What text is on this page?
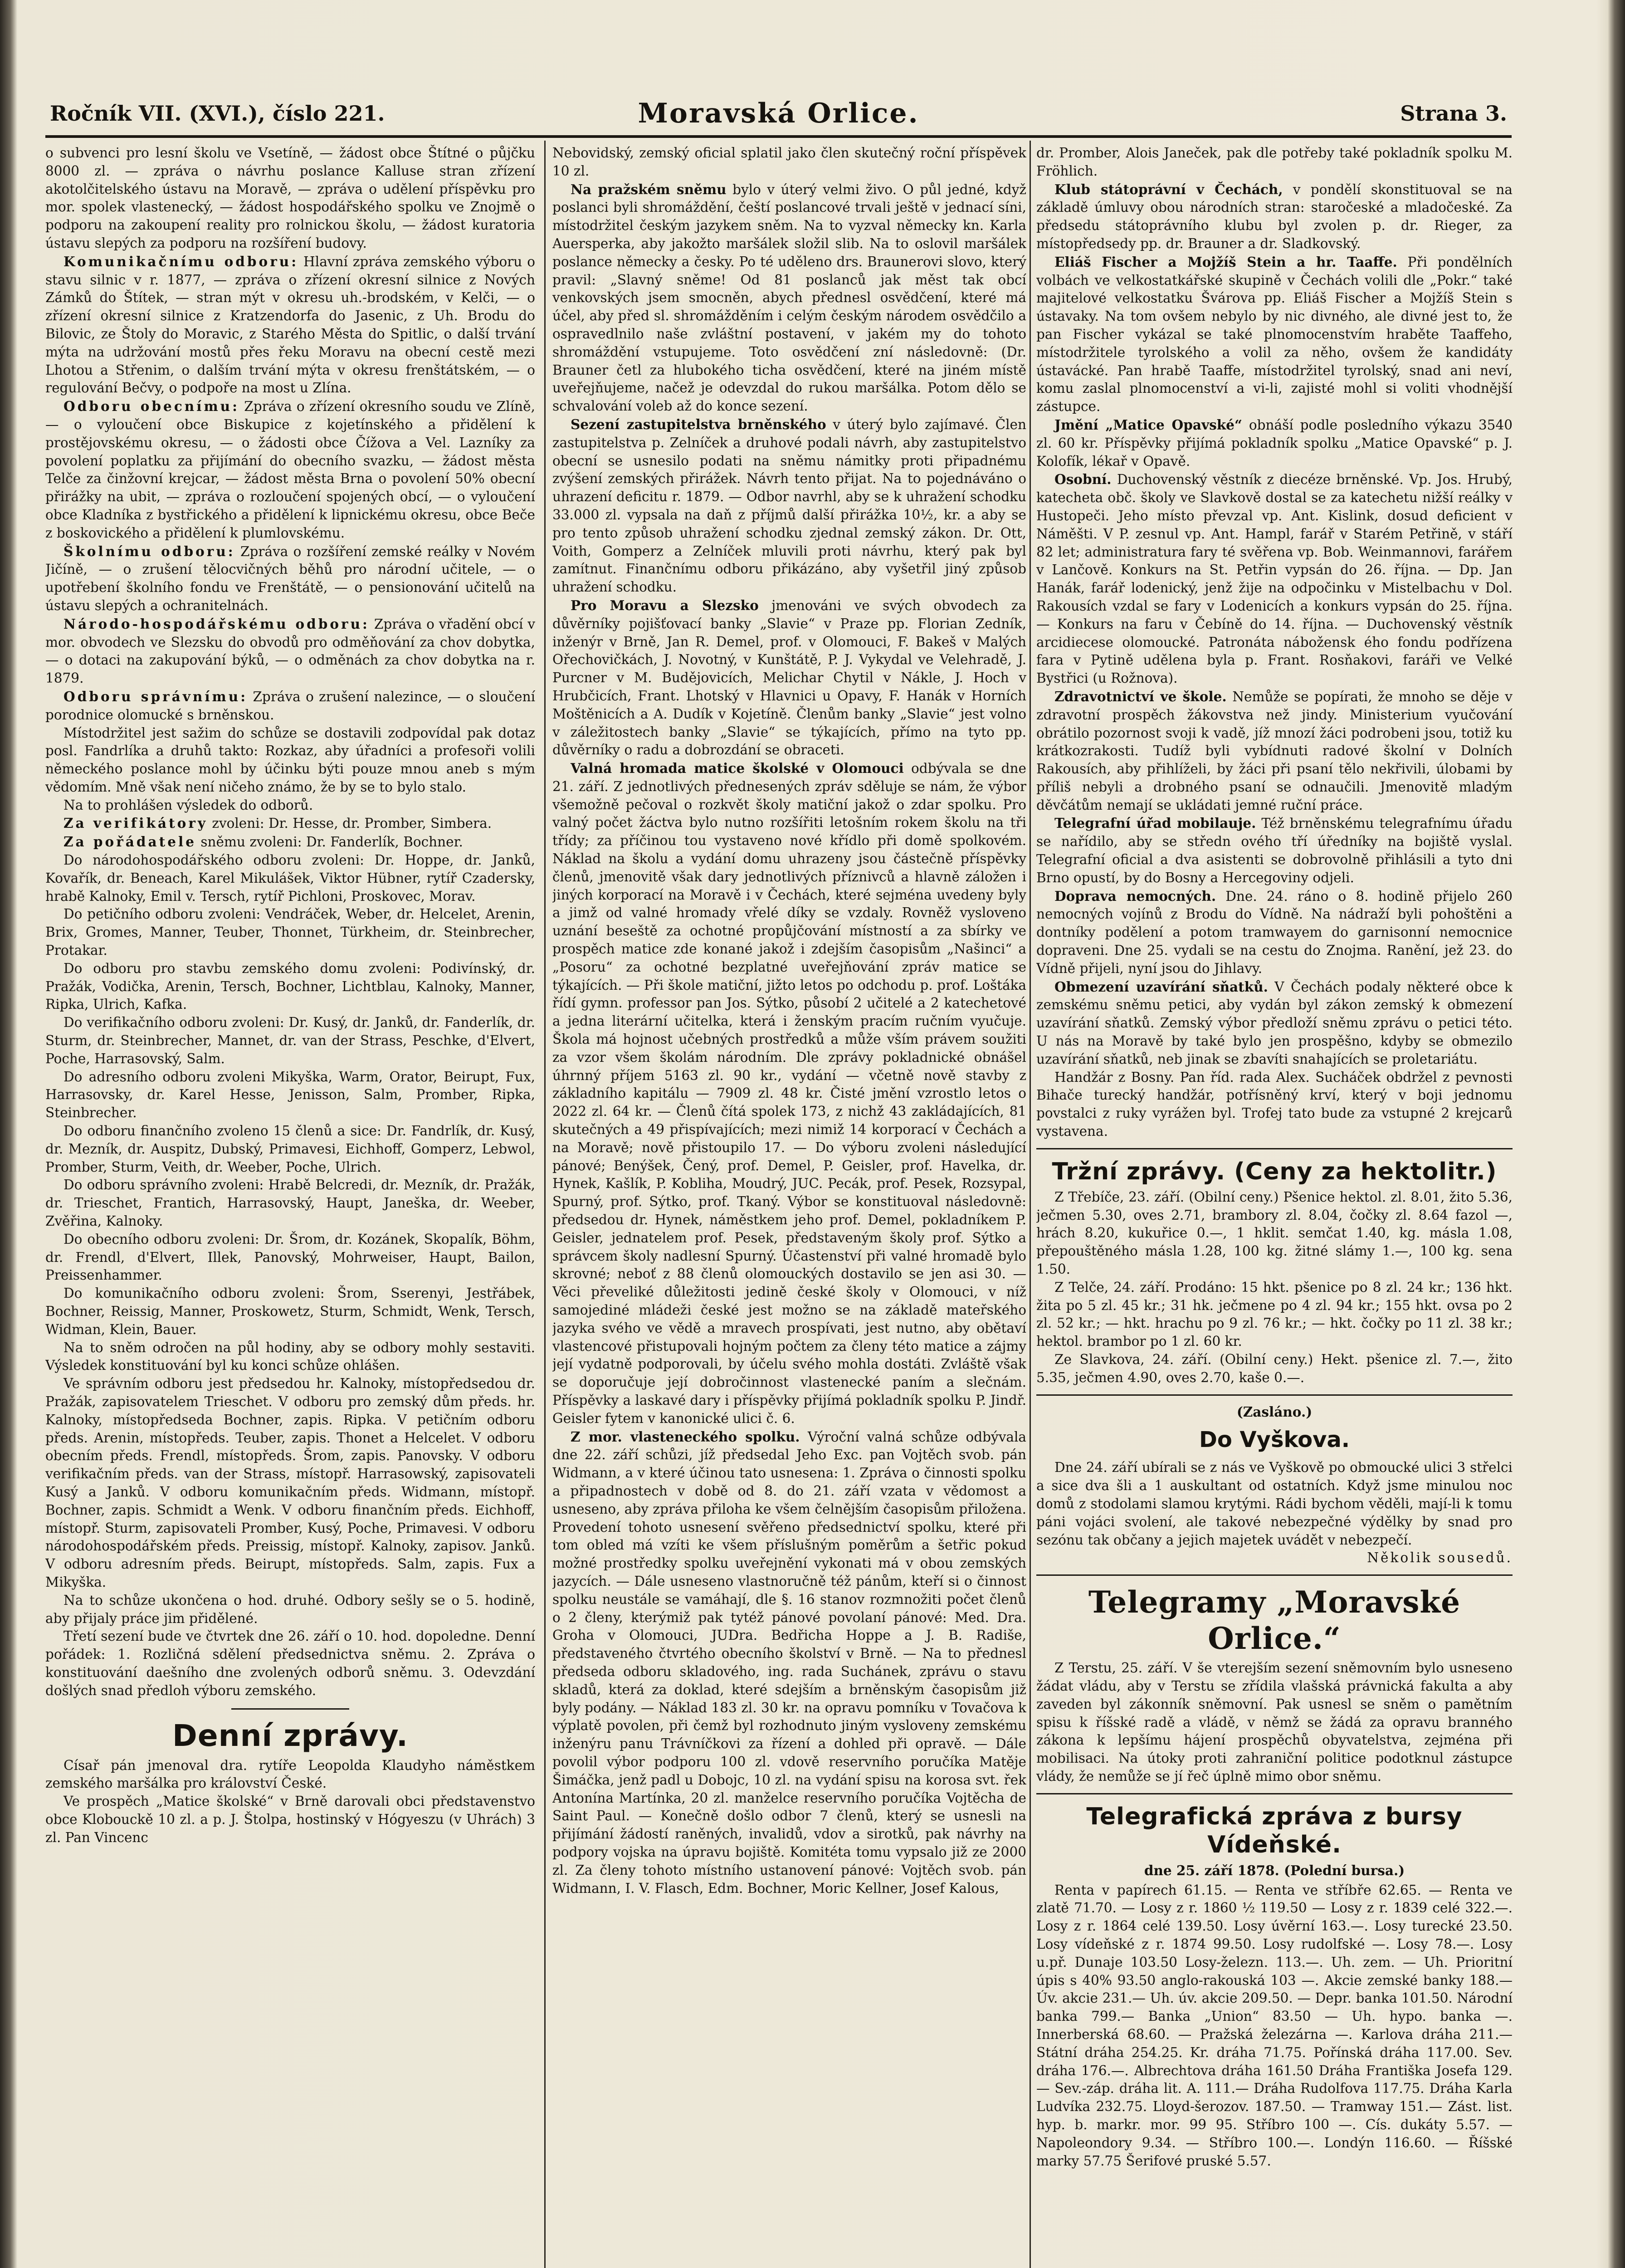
Ročník VII. (XVI.), číslo 221.	Moravská Orlice.	Strana 3.

o subvenci pro lesní školu ve Vsetíně, — žádost obce Štítné o půjčku 8000 zl. — zpráva o návrhu poslance Kalluse stran zřízení akotolčitelského ústavu na Moravě, — zpráva o udělení příspěvku pro mor. spolek vlastenecký, — žádost hospodářského spolku ve Znojmě o podporu na zakoupení reality pro rolnickou školu, — žádost kuratoria ústavu slepých za podporu na rozšíření budovy.

Komunikačnímu odboru: Hlavní zpráva zemského výboru o stavu silnic v r. 1877, — zpráva o zřízení okresní silnice z Nových Zámků do Štítek, — stran mýt v okresu uh.-brodském, v Kelči, — o zřízení okresní silnice z Kratzendorfa do Jasenic, z Uh. Brodu do Bilovic, ze Štoly do Moravic, z Starého Města do Spitlic, o další trvání mýta na udržování mostů přes řeku Moravu na obecní cestě mezi Lhotou a Střenim, o dalším trvání mýta v okresu frenštátském, — o regulování Bečvy, o podpoře na most u Zlína.

Odboru obecnímu: Zpráva o zřízení okresního soudu ve Zlíně, — o vyloučení obce Biskupice z kojetínského a přidělení k prostějovskému okresu, — o žádosti obce Čížova a Vel. Lazníky za povolení poplatku za přijímání do obecního svazku, — žádost města Telče za činžovní krejcar, — žádost města Brna o povolení 50% obecní přirážky na ubit, — zpráva o rozloučení spojených obcí, — o vyloučení obce Kladníka z bystřického a přidělení k lipnickému okresu, obce Beče z boskovického a přidělení k plumlovskému.

Školnímu odboru: Zpráva o rozšíření zemské reálky v Novém Jičíně, — o zrušení tělocvičných běhů pro národní učitele, — o upotřebení školního fondu ve Frenštátě, — o pensionování učitelů na ústavu slepých a ochranitelnách.

Národo-hospodářskému odboru: Zpráva o vřadění obcí v mor. obvodech ve Slezsku do obvodů pro odměňování za chov dobytka, — o dotaci na zakupování býků, — o odměnách za chov dobytka na r. 1879.

Odboru správnímu: Zpráva o zrušení nalezince, — o sloučení porodnice olomucké s brněnskou.

Místodržitel jest sažim do schůze se dostavili zodpovídal pak dotaz posl. Fandrlíka a druhů takto: Rozkaz, aby úřadníci a profesoři volili německého poslance mohl by účinku býti pouze mnou aneb s mým vědomím. Mně však není ničeho známo, že by se to bylo stalo.

Na to prohlášen výsledek do odborů.

Za verifikátory zvoleni: Dr. Hesse, dr. Promber, Simbera.

Za pořádatele sněmu zvoleni: Dr. Fanderlík, Bochner.

Do národohospodářského odboru zvoleni: Dr. Hoppe, dr. Janků, Kovařík, dr. Beneach, Karel Mikulášek, Viktor Hübner, rytíř Czadersky, hrabě Kalnoky, Emil v. Tersch, rytíř Pichloni, Proskovec, Morav.

Do petičního odboru zvoleni: Vendráček, Weber, dr. Helcelet, Arenin, Brix, Gromes, Manner, Teuber, Thonnet, Türkheim, dr. Steinbrecher, Protakar.

Do odboru pro stavbu zemského domu zvoleni: Podivínský, dr. Pražák, Vodička, Arenin, Tersch, Bochner, Lichtblau, Kalnoky, Manner, Ripka, Ulrich, Kafka.

Do verifikačního odboru zvoleni: Dr. Kusý, dr. Janků, dr. Fanderlík, dr. Sturm, dr. Steinbrecher, Mannet, dr. van der Strass, Peschke, d'Elvert, Poche, Harrasovský, Salm.

Do adresního odboru zvoleni Mikyška, Warm, Orator, Beirupt, Fux, Harrasovsky, dr. Karel Hesse, Jenisson, Salm, Promber, Ripka, Steinbrecher.

Do odboru finančního zvoleno 15 členů a sice: Dr. Fandrlík, dr. Kusý, dr. Mezník, dr. Auspitz, Dubský, Primavesi, Eichhoff, Gomperz, Lebwol, Promber, Sturm, Veith, dr. Weeber, Poche, Ulrich.

Do odboru správního zvoleni: Hrabě Belcredi, dr. Mezník, dr. Pražák, dr. Trieschet, Frantich, Harrasovský, Haupt, Janeška, dr. Weeber, Zvěřina, Kalnoky.

Do obecního odboru zvoleni: Dr. Šrom, dr. Kozánek, Skopalík, Böhm, dr. Frendl, d'Elvert, Illek, Panovský, Mohrweiser, Haupt, Bailon, Preissenhammer.

Do komunikačního odboru zvoleni: Šrom, Sserenyi, Jestřábek, Bochner, Reissig, Manner, Proskowetz, Sturm, Schmidt, Wenk, Tersch, Widman, Klein, Bauer.

Na to sněm odročen na půl hodiny, aby se odbory mohly sestaviti. Výsledek konstituování byl ku konci schůze ohlášen.

Ve správním odboru jest předsedou hr. Kalnoky, místopředsedou dr. Pražák, zapisovatelem Trieschet. V odboru pro zemský dům předs. hr. Kalnoky, místopředseda Bochner, zapis. Ripka. V petičním odboru předs. Arenin, místopředs. Teuber, zapis. Thonet a Helcelet. V odboru obecním předs. Frendl, místopředs. Šrom, zapis. Panovsky. V odboru verifikačním předs. van der Strass, místopř. Harrasowský, zapisovateli Kusý a Janků. V odboru komunikačním předs. Widmann, místopř. Bochner, zapis. Schmidt a Wenk. V odboru finančním předs. Eichhoff, místopř. Sturm, zapisovateli Promber, Kusý, Poche, Primavesi. V odboru národohospodářském předs. Preissig, místopř. Kalnoky, zapisov. Janků. V odboru adresním předs. Beirupt, místopředs. Salm, zapis. Fux a Mikyška.

Na to schůze ukončena o hod. druhé. Odbory sešly se o 5. hodině, aby přijaly práce jim přidělené.

Třetí sezení bude ve čtvrtek dne 26. září o 10. hod. dopoledne. Denní pořádek: 1. Rozličná sdělení předsednictva sněmu. 2. Zpráva o konstituování daešního dne zvolených odborů sněmu. 3. Odevzdání došlých snad předloh výboru zemského.

Denní zprávy.

Císař pán jmenoval dra. rytíře Leopolda Klaudyho náměstkem zemského maršálka pro království České.

Ve prospěch „Matice školské“ v Brně darovali obci představenstvo obce Klobouckě 10 zl. a p. J. Štolpa, hostinský v Hógyeszu (v Uhrách) 3 zl. Pan Vincenc

Nebovidský, zemský oficial splatil jako člen skutečný roční příspěvek 10 zl.

Na pražském sněmu bylo v úterý velmi živo. O půl jedné, když poslanci byli shromáždění, čeští poslancové trvali ještě v jednací síni, místodržitel českým jazykem sněm. Na to vyzval německy kn. Karla Auersperka, aby jakožto maršálek složil slib. Na to oslovil maršálek poslance německy a česky. Po té uděleno drs. Braunerovi slovo, který pravil: „Slavný sněme! Od 81 poslanců jak měst tak obcí venkovských jsem smocněn, abych přednesl osvědčení, které má účel, aby před sl. shromážděním i celým českým národem osvědčilo a ospravedlnilo naše zvláštní postavení, v jakém my do tohoto shromáždění vstupujeme. Toto osvědčení zní následovně: (Dr. Brauner četl za hlubokého ticha osvědčení, které na jiném místě uveřejňujeme, načež je odevzdal do rukou maršálka. Potom dělo se schvalování voleb až do konce sezení.

Sezení zastupitelstva brněnského v úterý bylo zajímavé. Člen zastupitelstva p. Zelníček a druhové podali návrh, aby zastupitelstvo obecní se usnesilo podati na sněmu námitky proti připadnému zvýšení zemských přirážek. Návrh tento přijat. Na to pojednáváno o uhrazení deficitu r. 1879. — Odbor navrhl, aby se k uhražení schodku 33.000 zl. vypsala na daň z příjmů další přirážka 10½, kr. a aby se pro tento způsob uhražení schodku zjednal zemský zákon. Dr. Ott, Voith, Gomperz a Zelníček mluvili proti návrhu, který pak byl zamítnut. Finančnímu odboru přikázáno, aby vyšetřil jiný způsob uhražení schodku.

Pro Moravu a Slezsko jmenováni ve svých obvodech za důvěrníky pojišťovací banky „Slavie“ v Praze pp. Florian Zedník, inženýr v Brně, Jan R. Demel, prof. v Olomouci, F. Bakeš v Malých Ořechovičkách, J. Novotný, v Kunštátě, P. J. Vykydal ve Velehradě, J. Purcner v M. Budějovicích, Melichar Chytil v Nákle, J. Hoch v Hrubčicích, Frant. Lhotský v Hlavnici u Opavy, F. Hanák v Horních Moštěnicích a A. Dudík v Kojetíně. Členům banky „Slavie“ jest volno v záležitostech banky „Slavie“ se týkajících, přímo na tyto pp. důvěrníky o radu a dobrozdání se obraceti.

Valná hromada matice školské v Olomouci odbývala se dne 21. září. Z jednotlivých přednesených zpráv sděluje se nám, že výbor všemožně pečoval o rozkvět školy matiční jakož o zdar spolku. Pro valný počet žáctva bylo nutno rozšířiti letošním rokem školu na tři třídy; za příčinou tou vystaveno nové křídlo při domě spolkovém. Náklad na školu a vydání domu uhrazeny jsou částečně příspěvky členů, jmenovitě však dary jednotlivých příznivců a hlavně záložen i jiných korporací na Moravě i v Čechách, které sejména uvedeny byly a jimž od valné hromady vřelé díky se vzdaly. Rovněž vysloveno uznání beseště za ochotné propůjčování místností a za sbírky ve prospěch matice zde konané jakož i zdejším časopisům „Našinci“ a „Posoru“ za ochotné bezplatné uveřejňování zpráv matice se týkajících. — Při škole matiční, jižto letos po odchodu p. prof. Loštáka řídí gymn. professor pan Jos. Sýtko, působí 2 učitelé a 2 katechetové a jedna literární učitelka, která i ženským pracím ručním vyučuje. Škola má hojnost učebných prostředků a může vším právem soužiti za vzor všem školám národním. Dle zprávy pokladnické obnášel úhrnný příjem 5163 zl. 90 kr., vydání — včetně nově stavby z základního kapitálu — 7909 zl. 48 kr. Čisté jmění vzrostlo letos o 2022 zl. 64 kr. — Členů čítá spolek 173, z nichž 43 zakládajících, 81 skutečných a 49 přispívajících; mezi nimiž 14 korporací v Čechách a na Moravě; nově přistoupilo 17. — Do výboru zvoleni následující pánové; Benýšek, Čený, prof. Demel, P. Geisler, prof. Havelka, dr. Hynek, Kašlík, P. Kobliha, Moudrý, JUC. Pecák, prof. Pesek, Rozsypal, Spurný, prof. Sýtko, prof. Tkaný. Výbor se konstituoval následovně: předsedou dr. Hynek, náměstkem jeho prof. Demel, pokladníkem P. Geisler, jednatelem prof. Pesek, představeným školy prof. Sýtko a správcem školy nadlesní Spurný. Účastenství při valné hromadě bylo skrovné; neboť z 88 členů olomouckých dostavilo se jen asi 30. — Věci převeliké důležitosti jedině české školy v Olomouci, v níž samojediné mládeži české jest možno se na základě mateřského jazyka svého ve vědě a mravech prospívati, jest nutno, aby obětaví vlastencové přistupovali hojným počtem za členy této matice a zájmy její vydatně podporovali, by účelu svého mohla dostáti. Zvláště však se doporučuje její dobročinnost vlastenecké paním a slečnám. Příspěvky a laskavé dary i příspěvky přijímá pokladník spolku P. Jindř. Geisler fytem v kanonické ulici č. 6.

Z mor. vlasteneckého spolku. Výroční valná schůze odbývala dne 22. září schůzi, jíž předsedal Jeho Exc. pan Vojtěch svob. pán Widmann, a v které účinou tato usnesena: 1. Zpráva o činnosti spolku a připadnostech v době od 8. do 21. září vzata v vědomost a usneseno, aby zpráva přiloha ke všem čelnějším časopisům přiložena. Provedení tohoto usnesení svěřeno předsednictví spolku, které při tom obled má vzíti ke všem příslušným poměrům a šetřic pokud možné prostředky spolku uveřejnění vykonati má v obou zemských jazycích. — Dále usneseno vlastnoručně též pánům, kteří si o činnost spolku neustále se vamáhají, dle §. 16 stanov rozmnožiti počet členů o 2 členy, kterýmiž pak tytéž pánové povolaní pánové: Med. Dra. Groha v Olomouci, JUDra. Bedřicha Hoppe a J. B. Radiše, představeného čtvrtého obecního školství v Brně. — Na to přednesl předseda odboru skladového, ing. rada Suchánek, zprávu o stavu skladů, která za doklad, které sdejším a brněnským časopisům již byly podány. — Náklad 183 zl. 30 kr. na opravu pomníku v Tovačova k výplatě povolen, při čemž byl rozhodnuto jiným vysloveny zemskému inženýru panu Trávníčkovi za řízení a dohled při opravě. — Dále povolil výbor podporu 100 zl. vdově reservního poručíka Matěje Šimáčka, jenž padl u Dobojc, 10 zl. na vydání spisu na korosa svt. řek Antonína Martínka, 20 zl. manželce reservního poručíka Vojtěcha de Saint Paul. — Konečně došlo odbor 7 členů, který se usnesli na přijímání žádostí raněných, invalidů, vdov a sirotků, pak návrhy na podpory vojska na úpravu bojiště. Komitéta tomu vypsalo již ze 2000 zl. Za členy tohoto místního ustanovení pánové: Vojtěch svob. pán Widmann, I. V. Flasch, Edm. Bochner, Moric Kellner, Josef Kalous,

dr. Promber, Alois Janeček, pak dle potřeby také pokladník spolku M. Fröhlich.

Klub státoprávní v Čechách, v pondělí skonstituoval se na základě úmluvy obou národních stran: staročeské a mladočeské. Za předsedu státoprávního klubu byl zvolen p. dr. Rieger, za místopředsedy pp. dr. Brauner a dr. Sladkovský.

Eliáš Fischer a Mojžíš Stein a hr. Taaffe. Při pondělních volbách ve velkostatkářské skupině v Čechách volili dle „Pokr.“ také majitelové velkostatku Švárova pp. Eliáš Fischer a Mojžíš Stein s ústavaky. Na tom ovšem nebylo by nic divného, ale divné jest to, že pan Fischer vykázal se také plnomocenstvím hraběte Taaffeho, místodržitele tyrolského a volil za něho, ovšem že kandidáty ústavácké. Pan hrabě Taaffe, místodržitel tyrolský, snad ani neví, komu zaslal plnomocenství a vi-li, zajisté mohl si voliti vhodnější zástupce.

Jmění „Matice Opavské“ obnáší podle posledního výkazu 3540 zl. 60 kr. Příspěvky přijímá pokladník spolku „Matice Opavské“ p. J. Kolofík, lékař v Opavě.

Osobní. Duchovenský věstník z diecéze brněnské. Vp. Jos. Hrubý, katecheta obč. školy ve Slavkově dostal se za katechetu nižší reálky v Hustopeči. Jeho místo převzal vp. Ant. Kislink, dosud deficient v Náměšti. V P. zesnul vp. Ant. Hampl, farář v Starém Petřině, v stáří 82 let; administratura fary té svěřena vp. Bob. Weinmannovi, farářem v Lančově. Konkurs na St. Petřin vypsán do 26. října. — Dp. Jan Hanák, farář lodenický, jenž žije na odpočinku v Mistelbachu v Dol. Rakousích vzdal se fary v Lodenicích a konkurs vypsán do 25. října. — Konkurs na faru v Čebíně do 14. října. — Duchovenský věstník arcidiecese olomoucké. Patronáta nábožensk ého fondu podřízena fara v Pytině udělena byla p. Frant. Rosňakovi, faráři ve Velké Bystřici (u Rožnova).

Zdravotnictví ve škole. Nemůže se popírati, že mnoho se děje v zdravotní prospěch žákovstva než jindy. Ministerium vyučování obrátilo pozornost svoji k vadě, jíž mnozí žáci podrobeni jsou, totiž ku krátkozrakosti. Tudíž byli vybídnuti radové školní v Dolních Rakousích, aby přihlíželi, by žáci při psaní tělo nekřivili, úlobami by příliš nebyli a drobného psaní se odnaučili. Jmenovitě mladým děvčátům nemají se ukládati jemné ruční práce.

Telegrafní úřad mobilauje. Též brněnskému telegrafnímu úřadu se nařídilo, aby se středn ového tří úředníky na bojiště vyslal. Telegrafní oficial a dva asistenti se dobrovolně přihlásili a tyto dni Brno opustí, by do Bosny a Hercegoviny odjeli.

Doprava nemocných. Dne. 24. ráno o 8. hodině přijelo 260 nemocných vojínů z Brodu do Vídně. Na nádraží byli pohoštěni a dontníky podělení a potom tramwayem do garnisonní nemocnice dopraveni. Dne 25. vydali se na cestu do Znojma. Ranění, jež 23. do Vídně přijeli, nyní jsou do Jihlavy.

Obmezení uzavírání sňatků. V Čechách podaly některé obce k zemskému sněmu petici, aby vydán byl zákon zemský k obmezení uzavírání sňatků. Zemský výbor předloží sněmu zprávu o petici této. U nás na Moravě by také bylo jen prospěšno, kdyby se obmezilo uzavírání sňatků, neb jinak se zbavíti snahajících se proletariátu.

Handžár z Bosny. Pan říd. rada Alex. Sucháček obdržel z pevnosti Bihače turecký handžár, potřísněný krví, který v boji jednomu povstalci z ruky vyrážen byl. Trofej tato bude za vstupné 2 krejcarů vystavena.

Tržní zprávy. (Ceny za hektolitr.)

Z Třebíče, 23. září. (Obilní ceny.) Pšenice hektol. zl. 8.01, žito 5.36, ječmen 5.30, oves 2.71, brambory zl. 8.04, čočky zl. 8.64 fazol —, hrách 8.20, kukuřice 0.—, 1 hklit. semčat 1.40, kg. másla 1.08, přepouštěného másla 1.28, 100 kg. žitné slámy 1.—, 100 kg. sena 1.50.

Z Telče, 24. září. Prodáno: 15 hkt. pšenice po 8 zl. 24 kr.; 136 hkt. žita po 5 zl. 45 kr.; 31 hk. ječmene po 4 zl. 94 kr.; 155 hkt. ovsa po 2 zl. 52 kr.; — hkt. hrachu po 9 zl. 76 kr.; — hkt. čočky po 11 zl. 38 kr.; hektol. brambor po 1 zl. 60 kr.

Ze Slavkova, 24. září. (Obilní ceny.) Hekt. pšenice zl. 7.—, žito 5.35, ječmen 4.90, oves 2.70, kaše 0.—.

(Zasláno.)
Do Vyškova.

Dne 24. září ubírali se z nás ve Vyškově po obmoucké ulici 3 střelci a sice dva šli a 1 auskultant od ostatních. Když jsme minulou noc domů z stodolami slamou krytými. Rádi bychom věděli, mají-li k tomu páni vojáci svolení, ale takové nebezpečné výdělky by snad pro sezónu tak občany a jejich majetek uvádět v nebezpečí.

Několik sousedů.
Telegramy „Moravské Orlice.“

Z Terstu, 25. září. V še vterejším sezení sněmovním bylo usneseno žádat vládu, aby v Terstu se zřídila vlašská právnická fakulta a aby zaveden byl zákonník sněmovní. Pak usnesl se sněm o pamětním spisu k říšské radě a vládě, v němž se žádá za opravu branného zákona k lepšímu hájení prospěchů obyvatelstva, zejména při mobilisaci. Na útoky proti zahraniční politice podotknul zástupce vlády, že nemůže se jí řeč úplně mimo obor sněmu.

Telegrafická zpráva z bursy Vídeňské.
dne 25. září 1878. (Polední bursa.)

Renta v papírech 61.15. — Renta ve stříbře 62.65. — Renta ve zlatě 71.70. — Losy z r. 1860 ½ 119.50 — Losy z r. 1839 celé 322.—. Losy z r. 1864 celé 139.50. Losy úvěrní 163.—. Losy turecké 23.50. Losy vídeňské z r. 1874 99.50. Losy rudolfské —. Losy 78.—. Losy u.př. Dunaje 103.50 Losy-železn. 113.—. Uh. zem. — Uh. Prioritní úpis s 40% 93.50 anglo-rakouská 103 —. Akcie zemské banky 188.— Úv. akcie 231.— Uh. úv. akcie 209.50. — Depr. banka 101.50. Národní banka 799.— Banka „Union“ 83.50 — Uh. hypo. banka —. Innerberská 68.60. — Pražská železárna —. Karlova dráha 211.— Státní dráha 254.25. Kr. dráha 71.75. Pořínská dráha 117.00. Sev. dráha 176.—. Albrechtova dráha 161.50 Dráha Františka Josefa 129.— Sev.-záp. dráha lit. A. 111.— Dráha Rudolfova 117.75. Dráha Karla Ludvíka 232.75. Lloyd-šerozov. 187.50. — Tramway 151.— Zást. list. hyp. b. markr. mor. 99 95. Stříbro 100 —. Cís. dukáty 5.57. — Napoleondory 9.34. — Stříbro 100.—. Londýn 116.60. — Říšské marky 57.75 Šerifové pruské 5.57.
